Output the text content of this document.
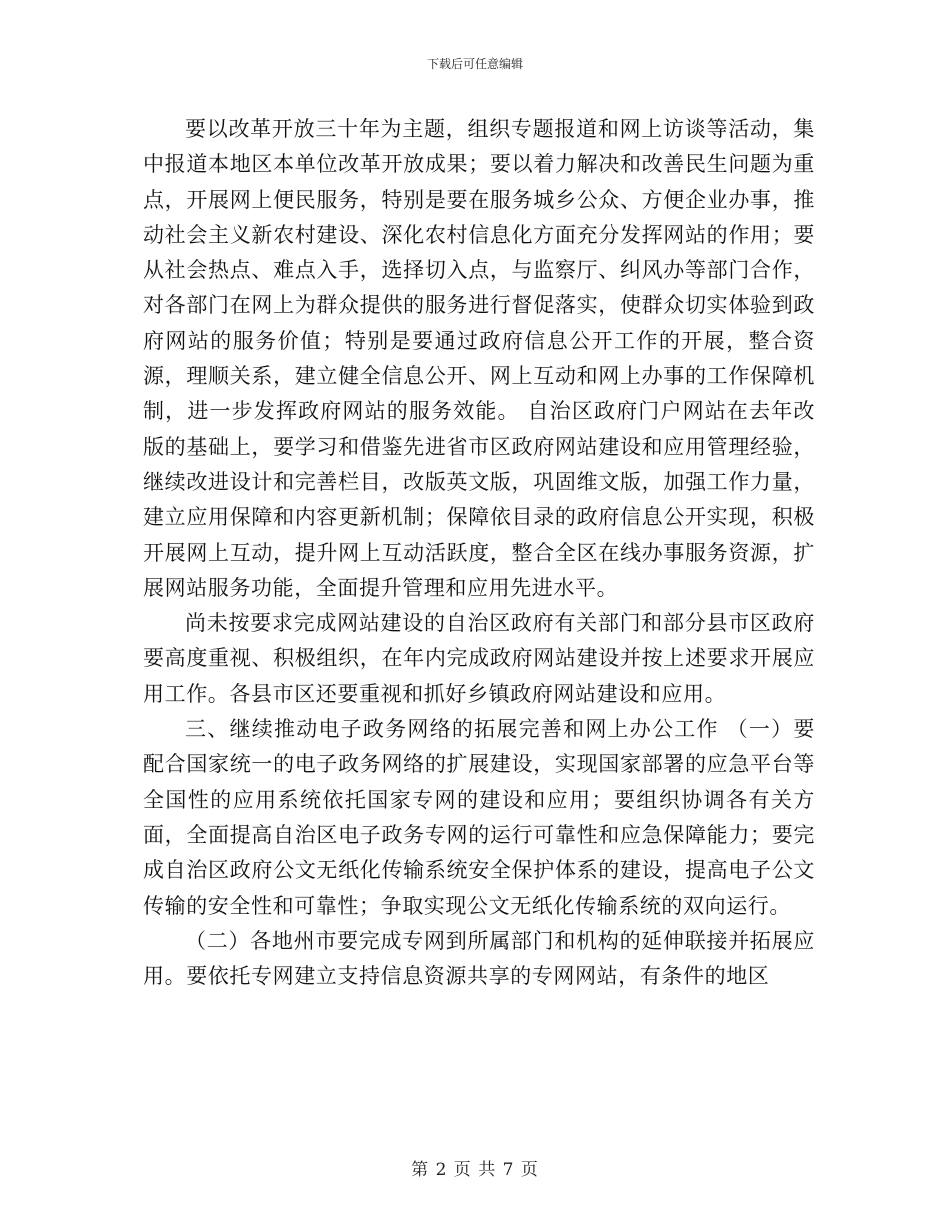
下载后可任意编辑

要以改革开放三十年为主题，组织专题报道和网上访谈等活动，集中报道本地区本单位改革开放成果；要以着力解决和改善民生问题为重点，开展网上便民服务，特别是要在服务城乡公众、方便企业办事，推动社会主义新农村建设、深化农村信息化方面充分发挥网站的作用；要从社会热点、难点入手，选择切入点，与监察厅、纠风办等部门合作，对各部门在网上为群众提供的服务进行督促落实，使群众切实体验到政府网站的服务价值；特别是要通过政府信息公开工作的开展，整合资源，理顺关系，建立健全信息公开、网上互动和网上办事的工作保障机制，进一步发挥政府网站的服务效能。 自治区政府门户网站在去年改版的基础上，要学习和借鉴先进省市区政府网站建设和应用管理经验，继续改进设计和完善栏目，改版英文版，巩固维文版，加强工作力量，建立应用保障和内容更新机制；保障依目录的政府信息公开实现，积极开展网上互动，提升网上互动活跃度，整合全区在线办事服务资源，扩展网站服务功能，全面提升管理和应用先进水平。

尚未按要求完成网站建设的自治区政府有关部门和部分县市区政府要高度重视、积极组织，在年内完成政府网站建设并按上述要求开展应用工作。各县市区还要重视和抓好乡镇政府网站建设和应用。

三、继续推动电子政务网络的拓展完善和网上办公工作 （一）要配合国家统一的电子政务网络的扩展建设，实现国家部署的应急平台等全国性的应用系统依托国家专网的建设和应用；要组织协调各有关方面，全面提高自治区电子政务专网的运行可靠性和应急保障能力；要完成自治区政府公文无纸化传输系统安全保护体系的建设，提高电子公文传输的安全性和可靠性；争取实现公文无纸化传输系统的双向运行。

（二）各地州市要完成专网到所属部门和机构的延伸联接并拓展应用。要依托专网建立支持信息资源共享的专网网站，有条件的地区

第 2 页 共 7 页
